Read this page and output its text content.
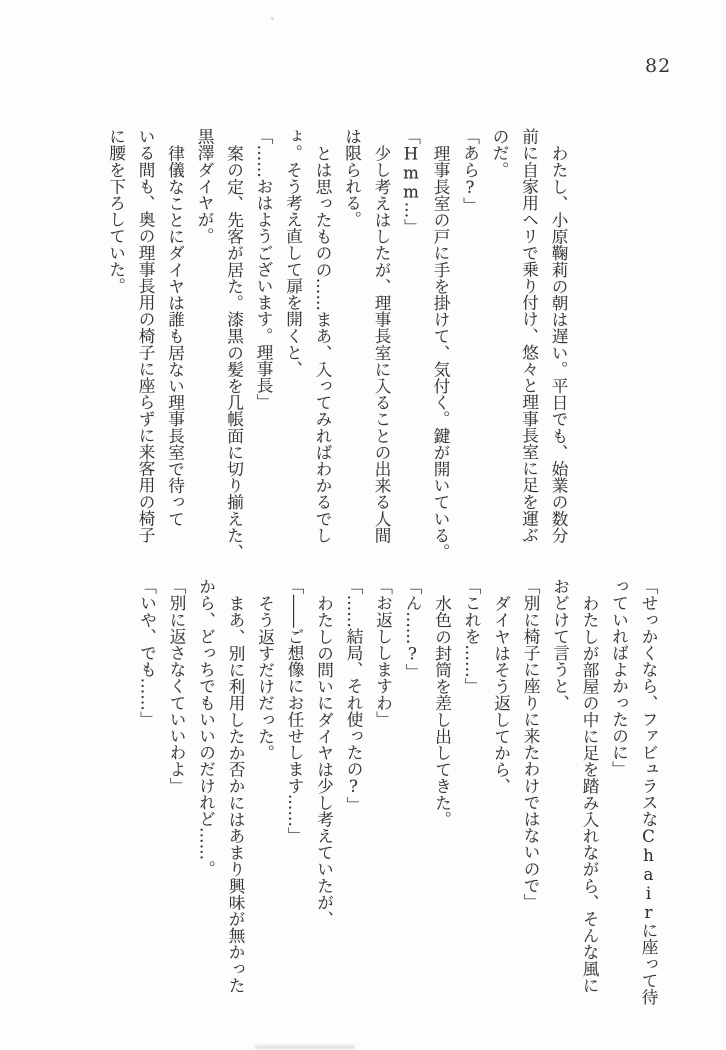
82
わたし、小原鞠莉の朝は遅い。平日でも、始業の数分
前に自家用ヘリで乗り付け、悠々と理事長室に足を運ぶ
のだ。
「あら?」
理事長室の戸に手を掛けて、気付く。鍵が開いている。
「Hmm…」
少し考えはしたが、理事長室に入ることの出来る人間
は限られる。
とは思ったものの……まあ、入ってみればわかるでし
ょ。そう考え直して扉を開くと、
「……おはようございます。理事長」
案の定、先客が居た。漆黒の髪を几帳面に切り揃えた、
黒澤ダイヤが。
律儀なことにダイヤは誰も居ない理事長室で待って
いる間も、奥の理事長用の椅子に座らずに来客用の椅子
に腰を下ろしていた。
「せっかくなら、ファビュラスなChairに座って待
っていればよかったのに」
わたしが部屋の中に足を踏み入れながら、そんな風に
おどけて言うと、
「別に椅子に座りに来たわけではないので」
ダイヤはそう返してから、
「これを……」
水色の封筒を差し出してきた。
「ん……?」
「お返ししますわ」
「……結局、それ使ったの?」
わたしの問いにダイヤは少し考えていたが、
「――ご想像にお任せします……」
そう返すだけだった。
まあ、別に利用したか否かにはあまり興味が無かった
から、どっちでもいいのだけれど……。
「別に返さなくていいわよ」
「いや、でも……」
